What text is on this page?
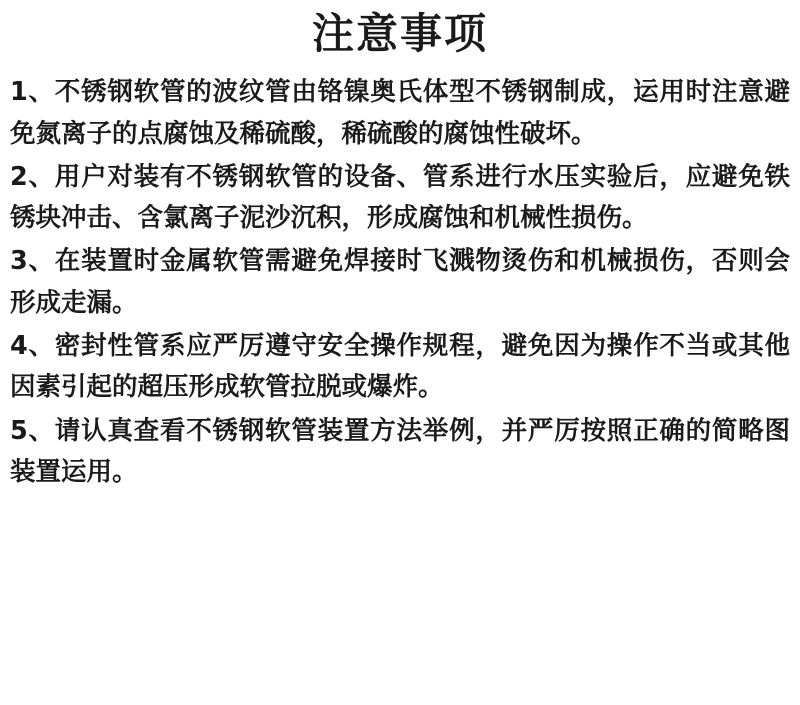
注意事项

1、不锈钢软管的波纹管由铬镍奥氏体型不锈钢制成，运用时注意避免氮离子的点腐蚀及稀硫酸，稀硫酸的腐蚀性破坏。

2、用户对装有不锈钢软管的设备、管系进行水压实验后，应避免铁锈块冲击、含氯离子泥沙沉积，形成腐蚀和机械性损伤。

3、在装置时金属软管需避免焊接时飞溅物烫伤和机械损伤，否则会形成走漏。

4、密封性管系应严厉遵守安全操作规程，避免因为操作不当或其他因素引起的超压形成软管拉脱或爆炸。

5、请认真查看不锈钢软管装置方法举例，并严厉按照正确的简略图装置运用。
